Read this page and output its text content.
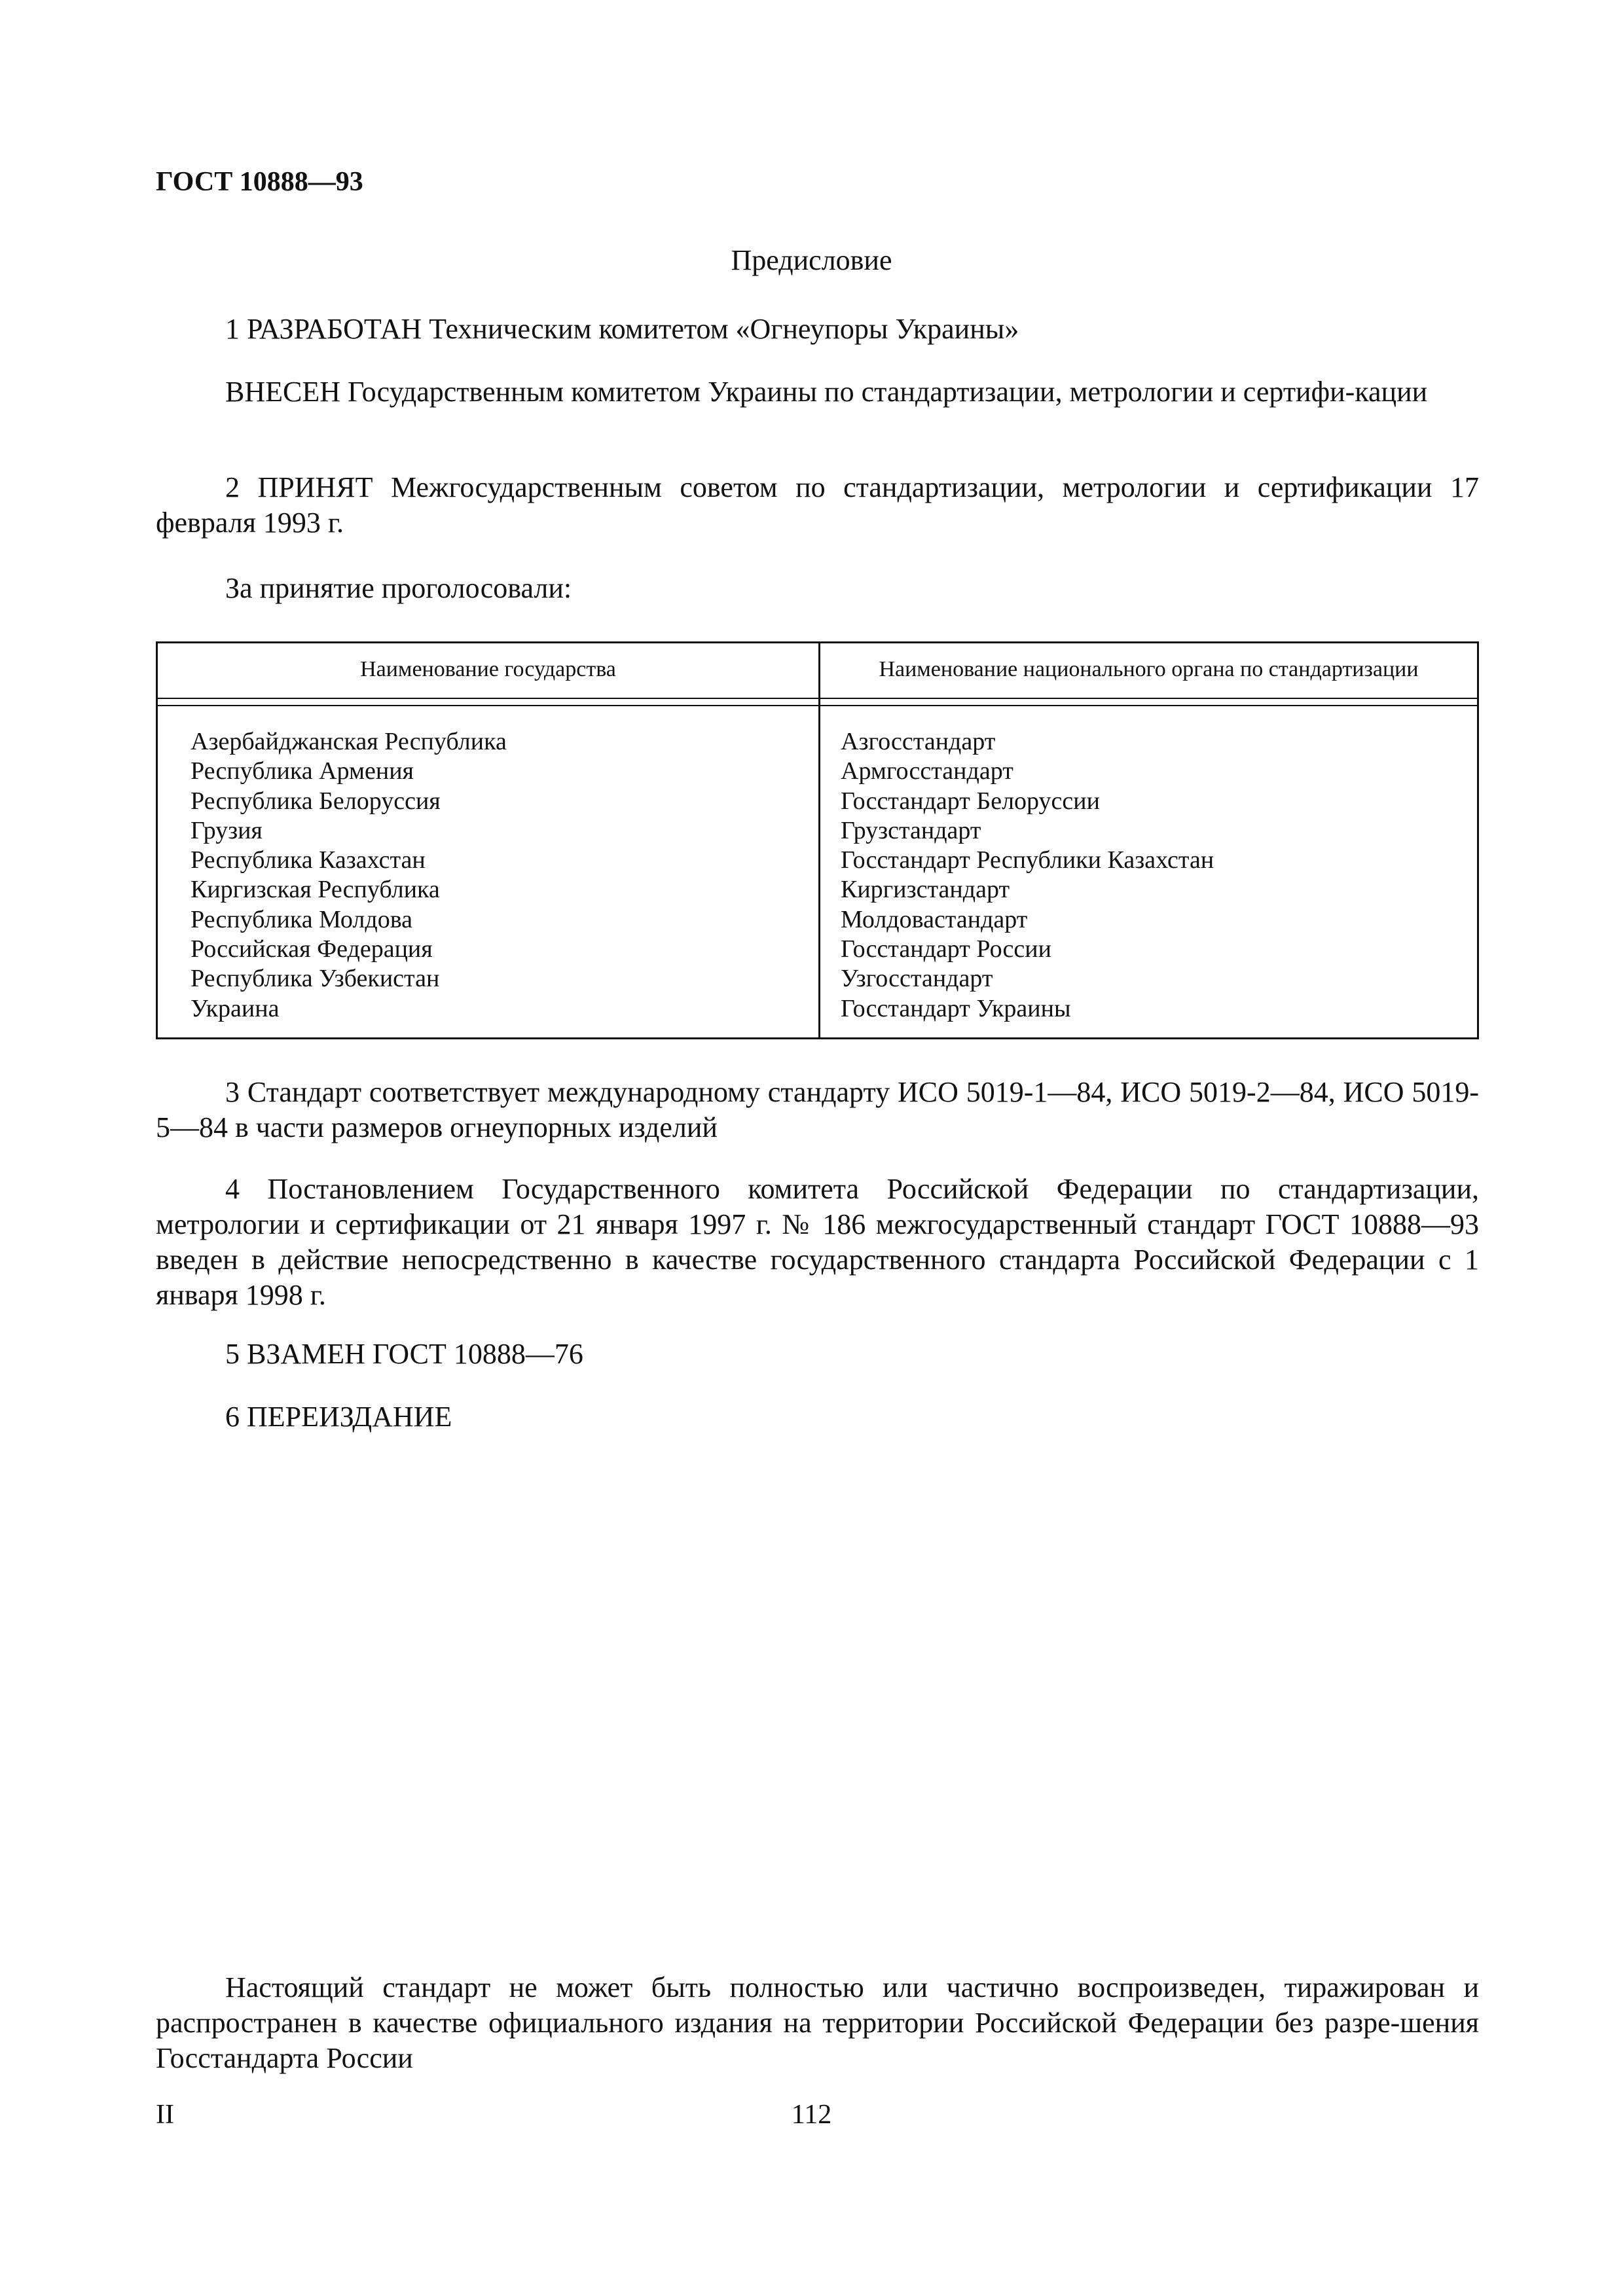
ГОСТ 10888—93
Предисловие
1 РАЗРАБОТАН Техническим комитетом «Огнеупоры Украины»
ВНЕСЕН Государственным комитетом Украины по стандартизации, метрологии и сертифи-кации
2 ПРИНЯТ Межгосударственным советом по стандартизации, метрологии и сертификации 17 февраля 1993 г.
За принятие проголосовали:
Наименование государства	Наименование национального органа по стандартизации
Азербайджанская Республика
Республика Армения
Республика Белоруссия
Грузия
Республика Казахстан
Киргизская Республика
Республика Молдова
Российская Федерация
Республика Узбекистан
Украина
Азгосстандарт
Армгосстандарт
Госстандарт Белоруссии
Грузстандарт
Госстандарт Республики Казахстан
Киргизстандарт
Молдовастандарт
Госстандарт России
Узгосстандарт
Госстандарт Украины
3 Стандарт соответствует международному стандарту ИСО 5019-1—84, ИСО 5019-2—84, ИСО 5019-5—84 в части размеров огнеупорных изделий
4 Постановлением Государственного комитета Российской Федерации по стандартизации, метрологии и сертификации от 21 января 1997 г. № 186 межгосударственный стандарт ГОСТ 10888—93 введен в действие непосредственно в качестве государственного стандарта Российской Федерации с 1 января 1998 г.
5 ВЗАМЕН ГОСТ 10888—76
6 ПЕРЕИЗДАНИЕ
Настоящий стандарт не может быть полностью или частично воспроизведен, тиражирован и распространен в качестве официального издания на территории Российской Федерации без разре-шения Госстандарта России
II	112
